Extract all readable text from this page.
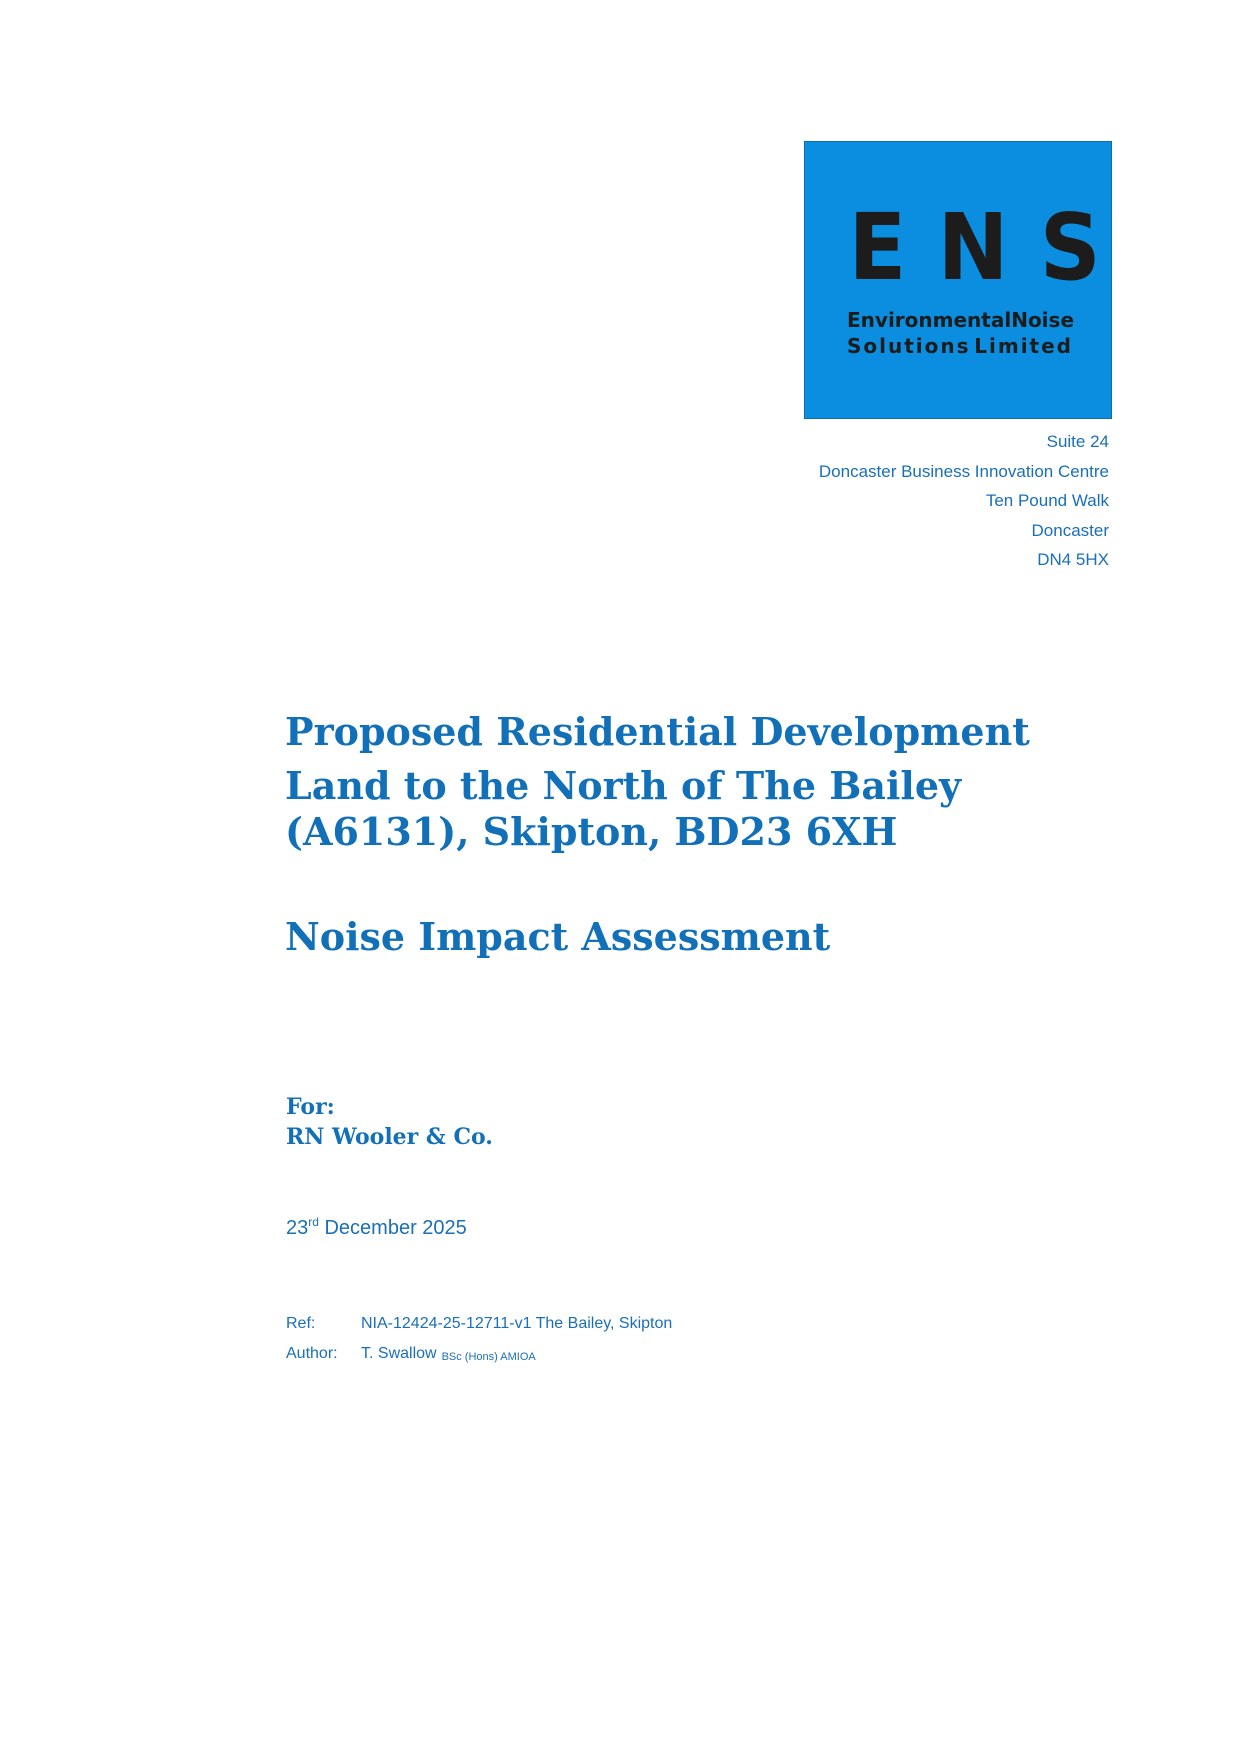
ENS
Environmental Noise
Solutions Limited
Suite 24
Doncaster Business Innovation Centre
Ten Pound Walk
Doncaster
DN4 5HX
Proposed Residential Development
Land to the North of The Bailey
(A6131), Skipton, BD23 6XH
Noise Impact Assessment
For:
RN Wooler & Co.
23rd December 2025
Ref:	NIA-12424-25-12711-v1 The Bailey, Skipton
Author:	T. Swallow BSc (Hons) AMIOA
